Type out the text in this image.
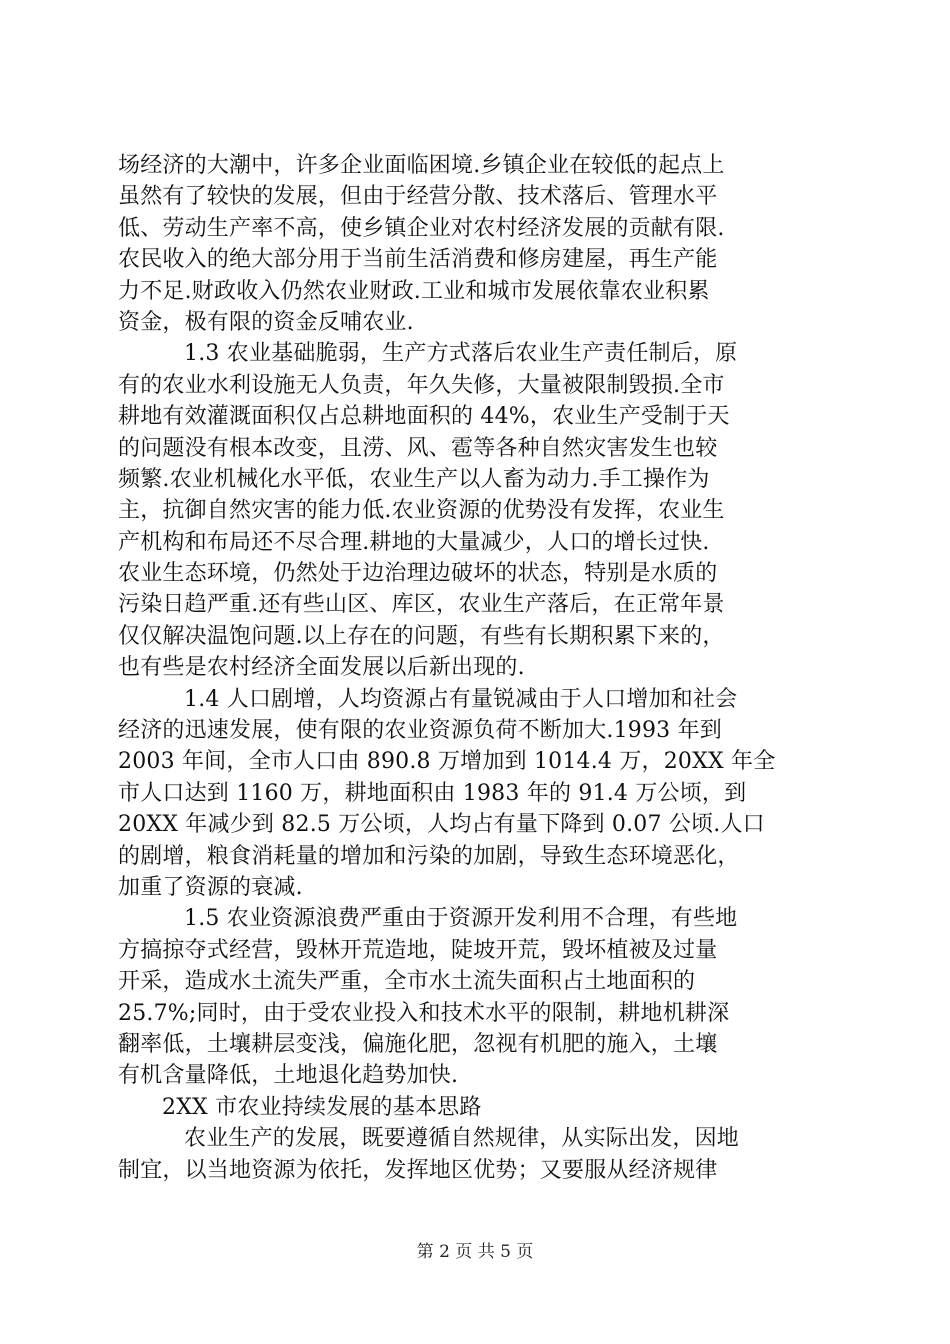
场经济的大潮中，许多企业面临困境.乡镇企业在较低的起点上
虽然有了较快的发展，但由于经营分散、技术落后、管理水平
低、劳动生产率不高，使乡镇企业对农村经济发展的贡献有限.
农民收入的绝大部分用于当前生活消费和修房建屋，再生产能
力不足.财政收入仍然农业财政.工业和城市发展依靠农业积累
资金，极有限的资金反哺农业.
1.3 农业基础脆弱，生产方式落后农业生产责任制后，原
有的农业水利设施无人负责，年久失修，大量被限制毁损.全市
耕地有效灌溉面积仅占总耕地面积的 44%，农业生产受制于天
的问题没有根本改变，且涝、风、雹等各种自然灾害发生也较
频繁.农业机械化水平低，农业生产以人畜为动力.手工操作为
主，抗御自然灾害的能力低.农业资源的优势没有发挥，农业生
产机构和布局还不尽合理.耕地的大量减少，人口的增长过快.
农业生态环境，仍然处于边治理边破坏的状态，特别是水质的
污染日趋严重.还有些山区、库区，农业生产落后，在正常年景
仅仅解决温饱问题.以上存在的问题，有些有长期积累下来的，
也有些是农村经济全面发展以后新出现的.
1.4 人口剧增，人均资源占有量锐减由于人口增加和社会
经济的迅速发展，使有限的农业资源负荷不断加大.1993 年到
2003 年间，全市人口由 890.8 万增加到 1014.4 万，20XX 年全
市人口达到 1160 万，耕地面积由 1983 年的 91.4 万公顷，到
20XX 年减少到 82.5 万公顷，人均占有量下降到 0.07 公顷.人口
的剧增，粮食消耗量的增加和污染的加剧，导致生态环境恶化，
加重了资源的衰减.
1.5 农业资源浪费严重由于资源开发利用不合理，有些地
方搞掠夺式经营，毁林开荒造地，陡坡开荒，毁坏植被及过量
开采，造成水土流失严重，全市水土流失面积占土地面积的
25.7%;同时，由于受农业投入和技术水平的限制，耕地机耕深
翻率低，土壤耕层变浅，偏施化肥，忽视有机肥的施入，土壤
有机含量降低，土地退化趋势加快.
2XX 市农业持续发展的基本思路
农业生产的发展，既要遵循自然规律，从实际出发，因地
制宜，以当地资源为依托，发挥地区优势；又要服从经济规律
第 2 页 共 5 页
